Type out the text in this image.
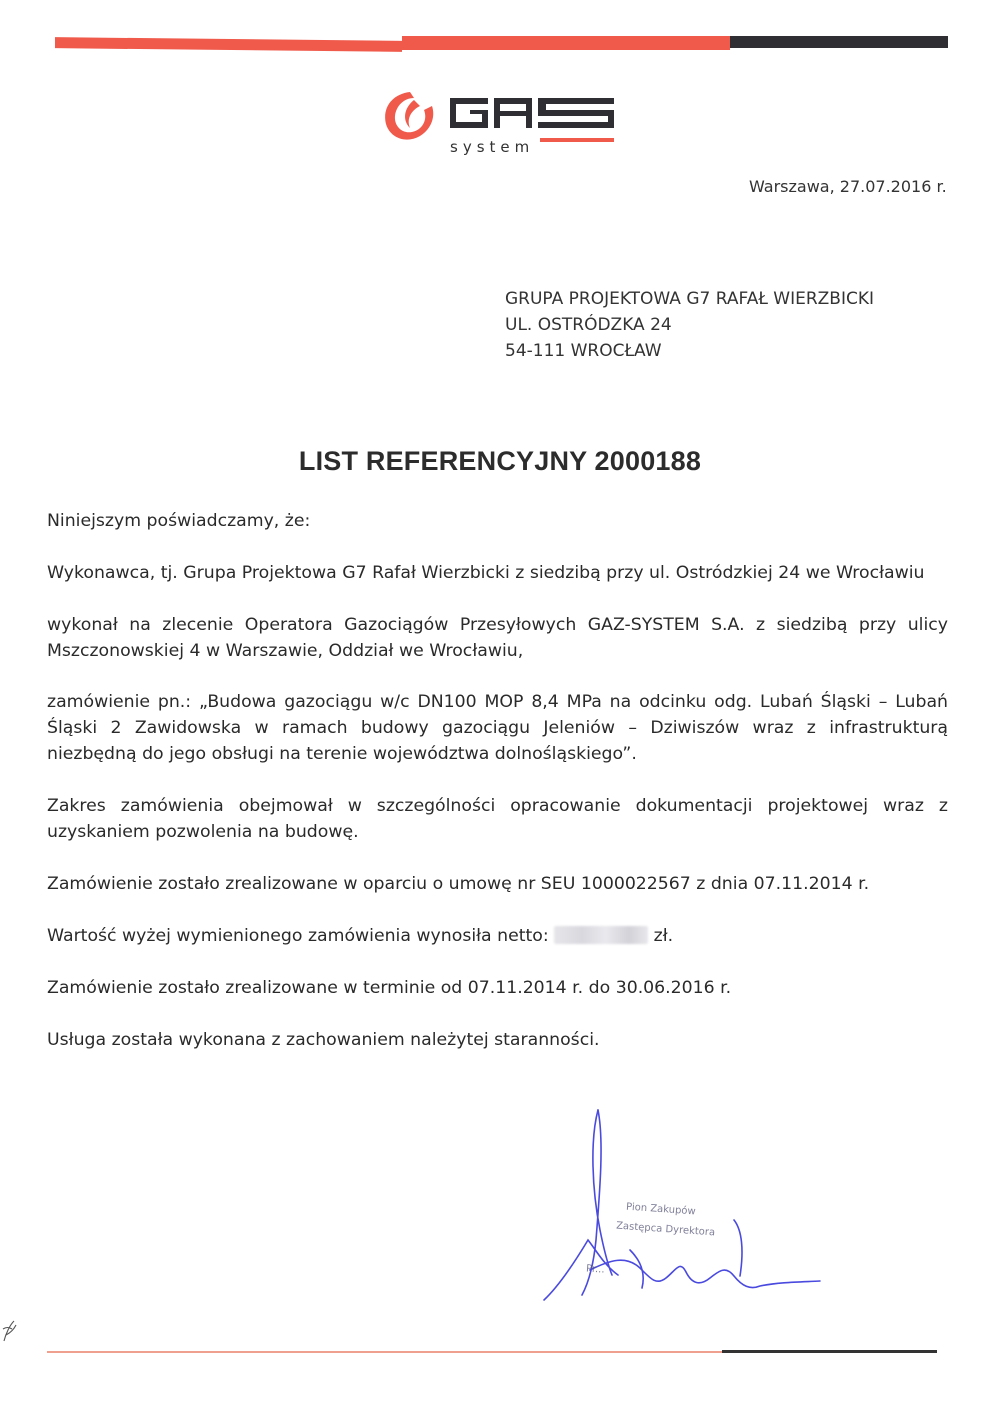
system
Warszawa, 27.07.2016 r.
GRUPA PROJEKTOWA G7 RAFAŁ WIERZBICKI
UL. OSTRÓDZKA 24
54-111 WROCŁAW
LIST REFERENCYJNY 2000188
Niniejszym poświadczamy, że:
Wykonawca, tj. Grupa Projektowa G7 Rafał Wierzbicki z siedzibą przy ul. Ostródzkiej 24 we Wrocławiu
wykonał na zlecenie Operatora Gazociągów Przesyłowych GAZ-SYSTEM S.A. z siedzibą przy ulicy Mszczonowskiej 4 w Warszawie, Oddział we Wrocławiu,
zamówienie pn.: „Budowa gazociągu w/c DN100 MOP 8,4 MPa na odcinku odg. Lubań Śląski – Lubań Śląski 2 Zawidowska w ramach budowy gazociągu Jeleniów – Dziwiszów wraz z infrastrukturą niezbędną do jego obsługi na terenie województwa dolnośląskiego”.
Zakres zamówienia obejmował w szczególności opracowanie dokumentacji projektowej wraz z uzyskaniem pozwolenia na budowę.
Zamówienie zostało zrealizowane w oparciu o umowę nr SEU 1000022567 z dnia 07.11.2014 r.
Wartość wyżej wymienionego zamówienia wynosiła netto:	zł.
Zamówienie zostało zrealizowane w terminie od 07.11.2014 r. do 30.06.2016 r.
Usługa została wykonana z zachowaniem należytej staranności.
Pion Zakupów
Zastępca Dyrektora
Pr...
